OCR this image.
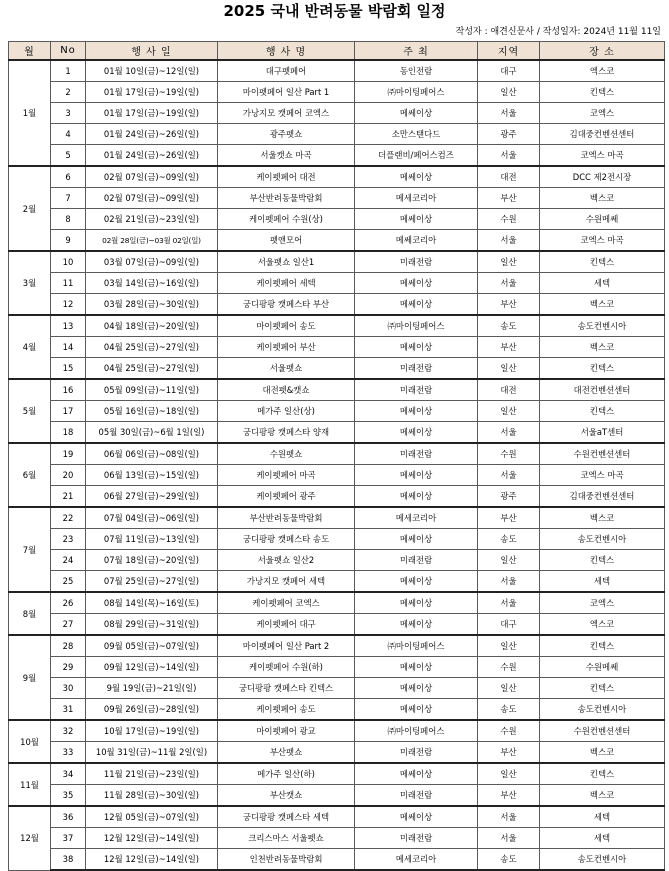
2025 국내 반려동물 박람회 일정
작성자 : 애견신문사 / 작성일자: 2024년 11월 11일
월	No	행 사 일	행 사 명	주 최	지역	장 소
1월	1	01월 10일(금)~12일(일)	대구펫페어	동인전람	대구	엑스코
	2	01월 17일(금)~19일(일)	마이펫페어 일산 Part 1	㈜마이팅페어스	일산	킨텍스
	3	01월 17일(금)~19일(일)	가낭지모 캣페어 코엑스	메쎄이상	서울	코엑스
	4	01월 24일(금)~26일(일)	광주펫쇼	소만스탠다드	광주	김대중컨벤션센터
	5	01월 24일(금)~26일(일)	서울캣쇼 마곡	더플랜비/페어스컴즈	서울	코엑스 마곡
2월	6	02월 07일(금)~09일(일)	케이펫페어 대전	메쎄이상	대전	DCC 제2전시장
	7	02월 07일(금)~09일(일)	부산반려동물박람회	메세코리아	부산	벡스코
	8	02월 21일(금)~23일(일)	케이펫페어 수원(상)	메쎄이상	수원	수원메쎄
	9	02월 28일(금)~03월 02일(일)	펫앤모어	메쎄코리아	서울	코엑스 마곡
3월	10	03월 07일(금)~09일(일)	서울펫쇼 일산1	미래전람	일산	킨텍스
	11	03월 14일(금)~16일(일)	케이펫페어 세텍	메쎄이상	서울	세텍
	12	03월 28일(금)~30일(일)	궁디팡팡 캣페스타 부산	메쎄이상	부산	벡스코
4월	13	04월 18일(금)~20일(일)	마이펫페어 송도	㈜마이팅페어스	송도	송도컨벤시아
	14	04월 25일(금)~27일(일)	케이펫페어 부산	메쎄이상	부산	벡스코
	15	04월 25일(금)~27일(일)	서울펫쇼	미래전람	일산	킨텍스
5월	16	05월 09일(금)~11일(일)	대전펫&캣쇼	미래전람	대전	대전컨벤션센터
	17	05월 16일(금)~18일(일)	메가주 일산(상)	메쎄이상	일산	킨텍스
	18	05월 30일(금)~6월 1일(일)	궁디팡팡 캣페스타 양재	메쎄이상	서울	서울aT센터
6월	19	06월 06일(금)~08일(일)	수원펫쇼	미래전람	수원	수원컨벤션센터
	20	06월 13일(금)~15일(일)	케이펫페어 마곡	메쎄이상	서울	코엑스 마곡
	21	06월 27일(금)~29일(일)	케이펫페어 광주	메쎄이상	광주	김대중컨벤션센터
7월	22	07월 04일(금)~06일(일)	부산반려동물박람회	메세코리아	부산	벡스코
	23	07월 11일(금)~13일(일)	궁디팡팡 캣페스타 송도	메쎄이상	송도	송도컨벤시아
	24	07월 18일(금)~20일(일)	서울펫쇼 일산2	미래전람	일산	킨텍스
	25	07월 25일(금)~27일(일)	가낭지모 캣페어 세텍	메쎄이상	서울	세텍
8월	26	08월 14일(목)~16일(토)	케이펫페어 코엑스	메쎄이상	서울	코엑스
	27	08월 29일(금)~31일(일)	케이펫페어 대구	메쎄이상	대구	엑스코
9월	28	09월 05일(금)~07일(일)	마이펫페어 일산 Part 2	㈜마이팅페어스	일산	킨텍스
	29	09월 12일(금)~14일(일)	케이펫페어 수원(하)	메쎄이상	수원	수원메쎄
	30	9월 19일(금)~21일(일)	궁디팡팡 캣페스타 킨텍스	메쎄이상	일산	킨텍스
	31	09월 26일(금)~28일(일)	케이펫페어 송도	메쎄이상	송도	송도컨벤시아
10월	32	10월 17일(금)~19일(일)	마이펫페어 광교	㈜마이팅페어스	수원	수원컨벤션센터
	33	10월 31일(금)~11월 2일(일)	부산펫쇼	미래전람	부산	벡스코
11월	34	11월 21일(금)~23일(일)	메가주 일산(하)	메쎄이상	일산	킨텍스
	35	11월 28일(금)~30일(일)	부산캣쇼	미래전람	부산	벡스코
12월	36	12월 05일(금)~07일(일)	궁디팡팡 캣페스타 세텍	메쎄이상	서울	세텍
	37	12월 12일(금)~14일(일)	크리스마스 서울펫쇼	미래전람	서울	세텍
	38	12월 12일(금)~14일(일)	인천반려동물박람회	메세코리아	송도	송도컨벤시아
